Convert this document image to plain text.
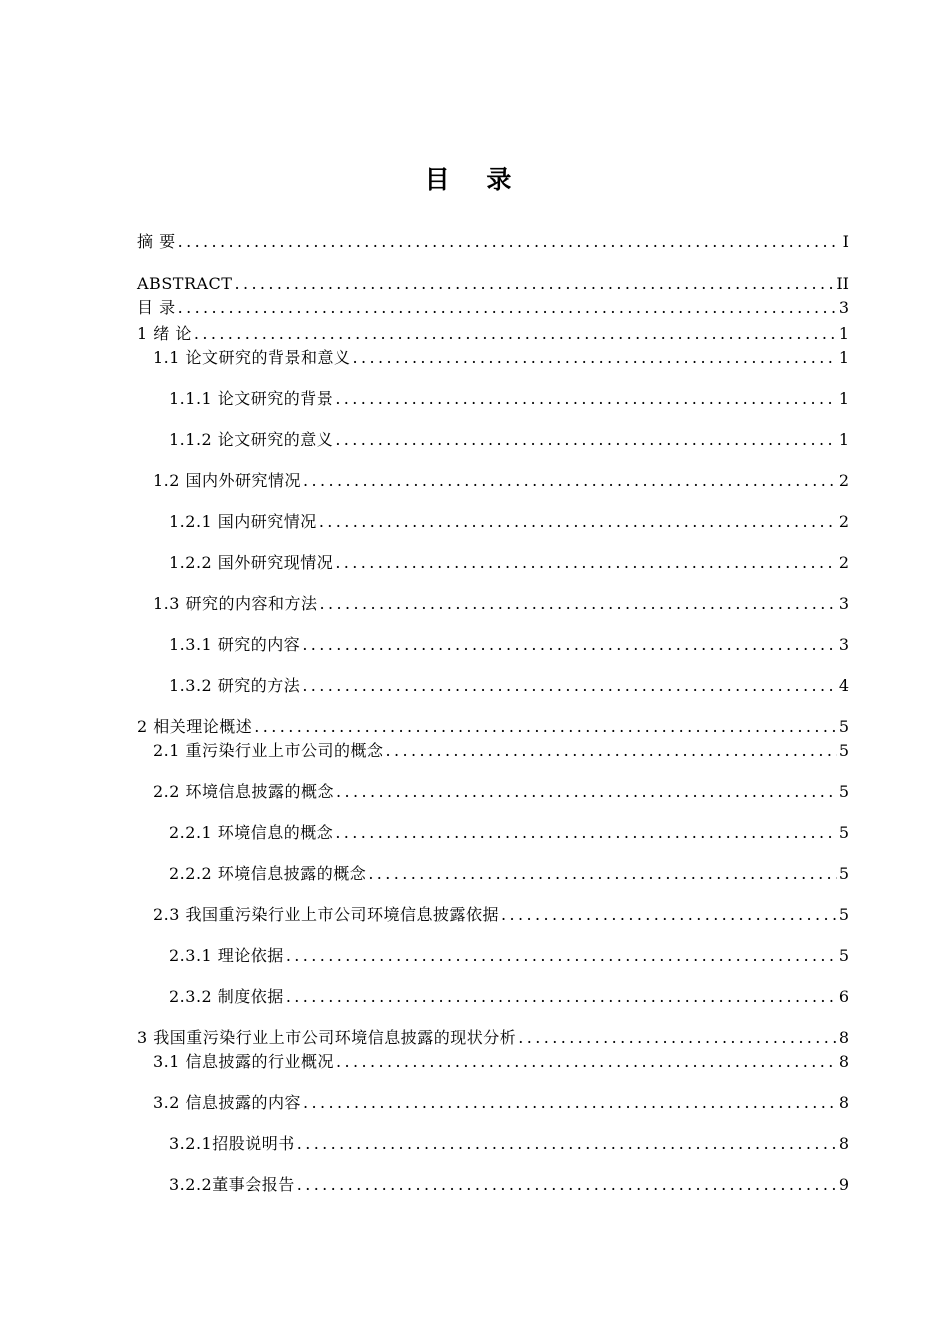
目 录
摘 要 .....	I
ABSTRACT .....	II
目 录 .....	3
1 绪 论 .....	1
1.1 论文研究的背景和意义 .....	1
1.1.1 论文研究的背景 .....	1
1.1.2 论文研究的意义 .....	1
1.2 国内外研究情况 .....	2
1.2.1 国内研究情况 .....	2
1.2.2 国外研究现情况 .....	2
1.3 研究的内容和方法 .....	3
1.3.1 研究的内容 .....	3
1.3.2 研究的方法 .....	4
2 相关理论概述 .....	5
2.1 重污染行业上市公司的概念 .....	5
2.2 环境信息披露的概念 .....	5
2.2.1 环境信息的概念 .....	5
2.2.2 环境信息披露的概念 .....	5
2.3 我国重污染行业上市公司环境信息披露依据 .....	5
2.3.1 理论依据 .....	5
2.3.2 制度依据 .....	6
3 我国重污染行业上市公司环境信息披露的现状分析 .....	8
3.1 信息披露的行业概况 .....	8
3.2 信息披露的内容 .....	8
3.2.1招股说明书 .....	8
3.2.2董事会报告 .....	9
